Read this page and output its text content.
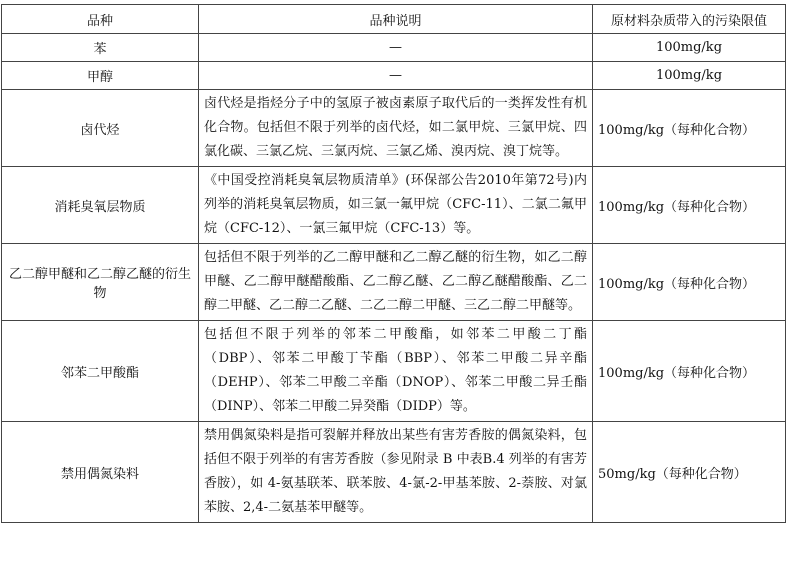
品种	品种说明	原材料杂质带入的污染限值
苯	—	100mg/kg
甲醇	—	100mg/kg
卤代烃	卤代烃是指烃分子中的氢原子被卤素原子取代后的一类挥发性有机化合物。包括但不限于列举的卤代烃，如二氯甲烷、三氯甲烷、四氯化碳、三氯乙烷、三氯丙烷、三氯乙烯、溴丙烷、溴丁烷等。	100mg/kg（每种化合物）
消耗臭氧层物质	《中国受控消耗臭氧层物质清单》(环保部公告2010年第72号)内列举的消耗臭氧层物质，如三氯一氟甲烷（CFC-11）、二氯二氟甲烷（CFC-12）、一氯三氟甲烷（CFC-13）等。	100mg/kg（每种化合物）
乙二醇甲醚和乙二醇乙醚的衍生物	包括但不限于列举的乙二醇甲醚和乙二醇乙醚的衍生物，如乙二醇甲醚、乙二醇甲醚醋酸酯、乙二醇乙醚、乙二醇乙醚醋酸酯、乙二醇二甲醚、乙二醇二乙醚、二乙二醇二甲醚、三乙二醇二甲醚等。	100mg/kg（每种化合物）
邻苯二甲酸酯	包括但不限于列举的邻苯二甲酸酯，如邻苯二甲酸二丁酯（DBP）、邻苯二甲酸丁苄酯（BBP）、邻苯二甲酸二异辛酯（DEHP）、邻苯二甲酸二辛酯（DNOP）、邻苯二甲酸二异壬酯（DINP）、邻苯二甲酸二异癸酯（DIDP）等。	100mg/kg（每种化合物）
禁用偶氮染料	禁用偶氮染料是指可裂解并释放出某些有害芳香胺的偶氮染料，包括但不限于列举的有害芳香胺（参见附录 B 中表B.4 列举的有害芳香胺），如 4-氨基联苯、联苯胺、4-氯-2-甲基苯胺、2-萘胺、对氯苯胺、2,4-二氨基苯甲醚等。	50mg/kg（每种化合物）
